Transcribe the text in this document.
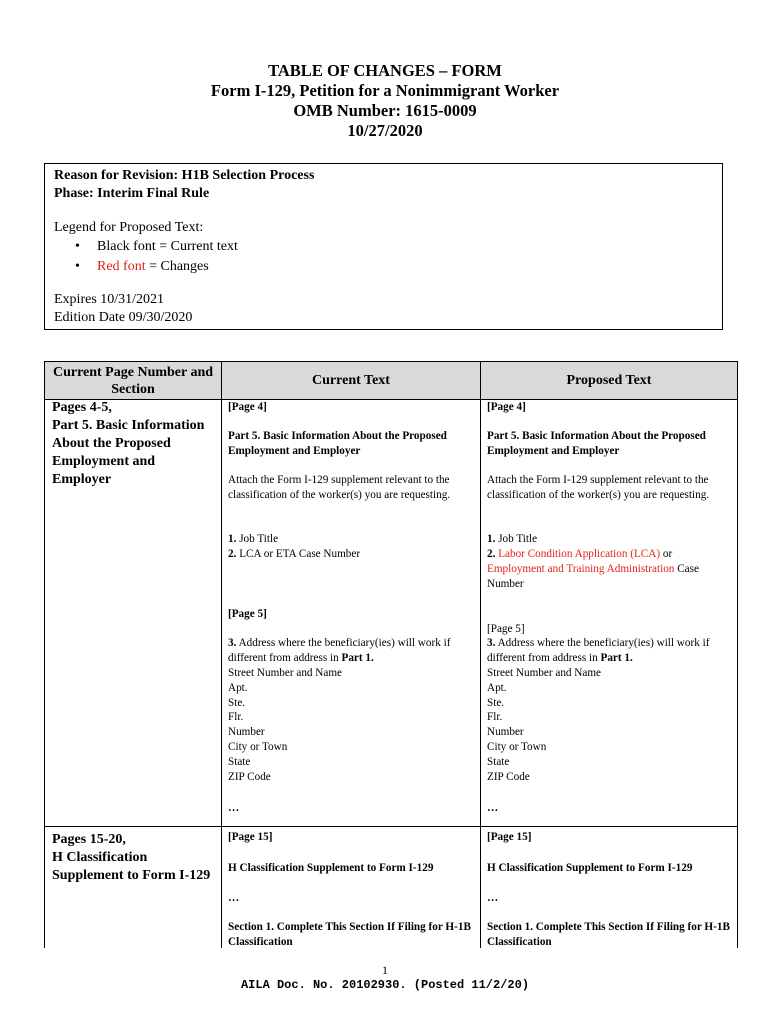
TABLE OF CHANGES – FORM
Form I-129, Petition for a Nonimmigrant Worker
OMB Number: 1615-0009
10/27/2020
Reason for Revision: H1B Selection Process
Phase: Interim Final Rule
Legend for Proposed Text:
• Black font = Current text
• Red font = Changes
Expires 10/31/2021
Edition Date 09/30/2020
Current Page Number and Section
Current Text	Proposed Text
Pages 4-5,
Part 5. Basic Information About the Proposed Employment and Employer
[Page 4]
Part 5. Basic Information About the Proposed Employment and Employer
Attach the Form I-129 supplement relevant to the classification of the worker(s) you are requesting.
1. Job Title
2. LCA or ETA Case Number
[Page 5]
3. Address where the beneficiary(ies) will work if different from address in Part 1.
Street Number and Name
Apt.
Ste.
Flr.
Number
City or Town
State
ZIP Code
…
[Page 4]
Part 5. Basic Information About the Proposed Employment and Employer
Attach the Form I-129 supplement relevant to the classification of the worker(s) you are requesting.
1. Job Title
2. Labor Condition Application (LCA) or
Employment and Training Administration Case Number
[Page 5]
3. Address where the beneficiary(ies) will work if different from address in Part 1.
Street Number and Name
Apt.
Ste.
Flr.
Number
City or Town
State
ZIP Code
…
Pages 15-20,
H Classification Supplement to Form I-129
[Page 15]
H Classification Supplement to Form I-129
…
Section 1. Complete This Section If Filing for H-1B Classification
[Page 15]
H Classification Supplement to Form I-129
…
Section 1. Complete This Section If Filing for H-1B Classification
1
AILA Doc. No. 20102930. (Posted 11/2/20)
